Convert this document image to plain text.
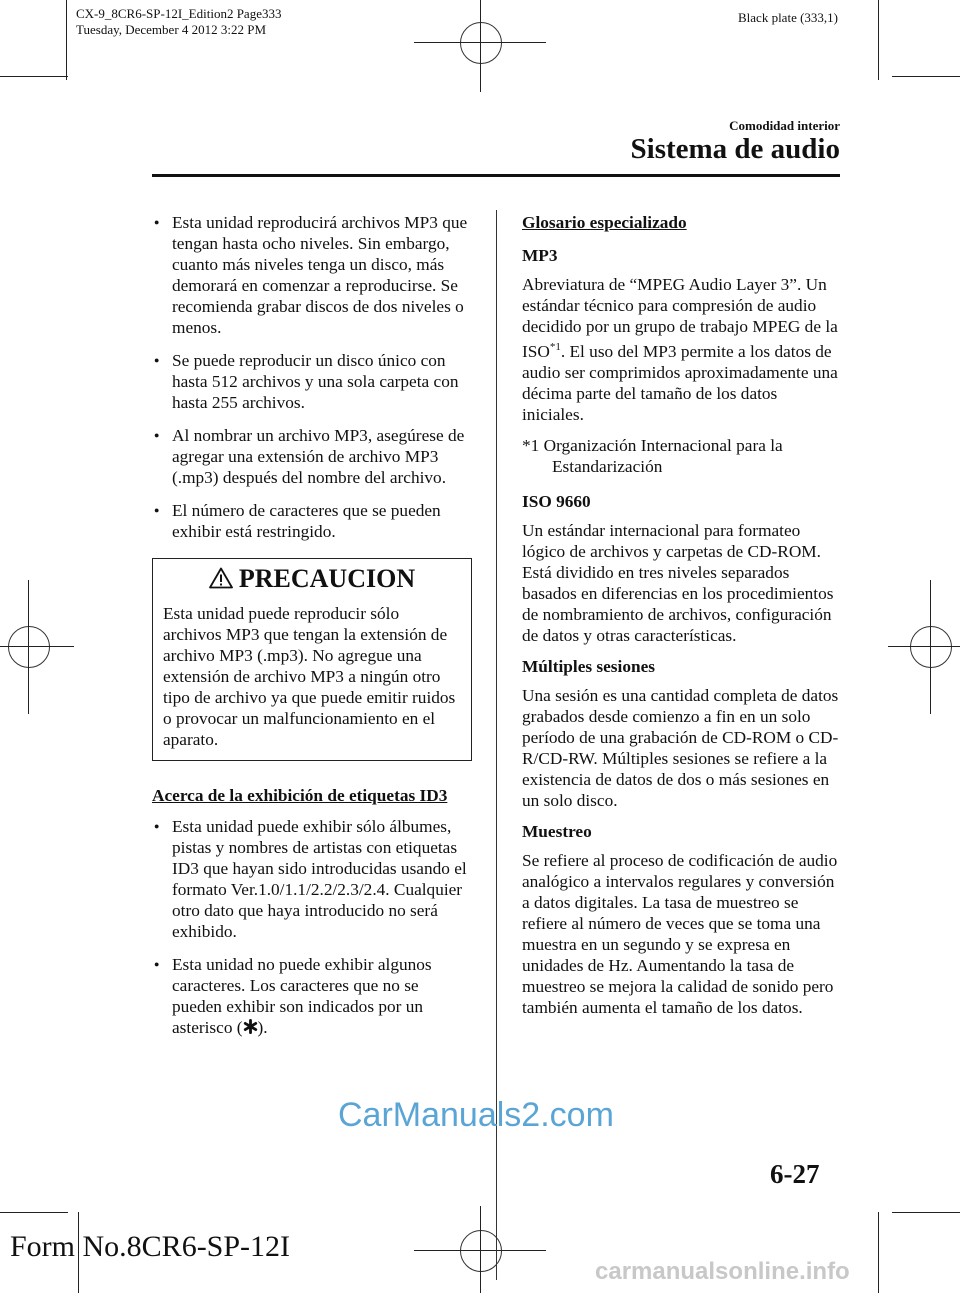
CX-9_8CR6-SP-12I_Edition2 Page333
Tuesday, December 4 2012 3:22 PM
Black plate (333,1)
Comodidad interior
Sistema de audio
● Esta unidad reproducirá archivos MP3 que tengan hasta ocho niveles. Sin embargo, cuanto más niveles tenga un disco, más demorará en comenzar a reproducirse. Se recomienda grabar discos de dos niveles o menos.
● Se puede reproducir un disco único con hasta 512 archivos y una sola carpeta con hasta 255 archivos.
● Al nombrar un archivo MP3, asegúrese de agregar una extensión de archivo MP3 (.mp3) después del nombre del archivo.
● El número de caracteres que se pueden exhibir está restringido.
PRECAUCION
Esta unidad puede reproducir sólo archivos MP3 que tengan la extensión de archivo MP3 (.mp3). No agregue una extensión de archivo MP3 a ningún otro tipo de archivo ya que puede emitir ruidos o provocar un malfuncionamiento en el aparato.
Acerca de la exhibición de etiquetas ID3
● Esta unidad puede exhibir sólo álbumes, pistas y nombres de artistas con etiquetas ID3 que hayan sido introducidas usando el formato Ver.1.0/1.1/2.2/2.3/2.4. Cualquier otro dato que haya introducido no será exhibido.
● Esta unidad no puede exhibir algunos caracteres. Los caracteres que no se pueden exhibir son indicados por un asterisco ( ).
Glosario especializado
MP3

Abreviatura de “MPEG Audio Layer 3”. Un estándar técnico para compresión de audio decidido por un grupo de trabajo MPEG de la ISO$^{*1}$. El uso del MP3 permite a los datos de audio ser comprimidos aproximadamente una décima parte del tamaño de los datos iniciales.

*1 Organización Internacional para la Estandarización
ISO 9660

Un estándar internacional para formateo lógico de archivos y carpetas de CD-ROM. Está dividido en tres niveles separados basados en diferencias en los procedimientos de nombramiento de archivos, configuración de datos y otras características.

Múltiples sesiones

Una sesión es una cantidad completa de datos grabados desde comienzo a fin en un solo período de una grabación de CD-ROM o CD-R/CD-RW. Múltiples sesiones se refiere a la existencia de datos de dos o más sesiones en un solo disco.

Muestreo

Se refiere al proceso de codificación de audio analógico a intervalos regulares y conversión a datos digitales. La tasa de muestreo se refiere al número de veces que se toma una muestra en un segundo y se expresa en unidades de Hz. Aumentando la tasa de muestreo se mejora la calidad de sonido pero también aumenta el tamaño de los datos.

CarManuals2.com
6-27
Form No.8CR6-SP-12I
carmanualsonline.info
